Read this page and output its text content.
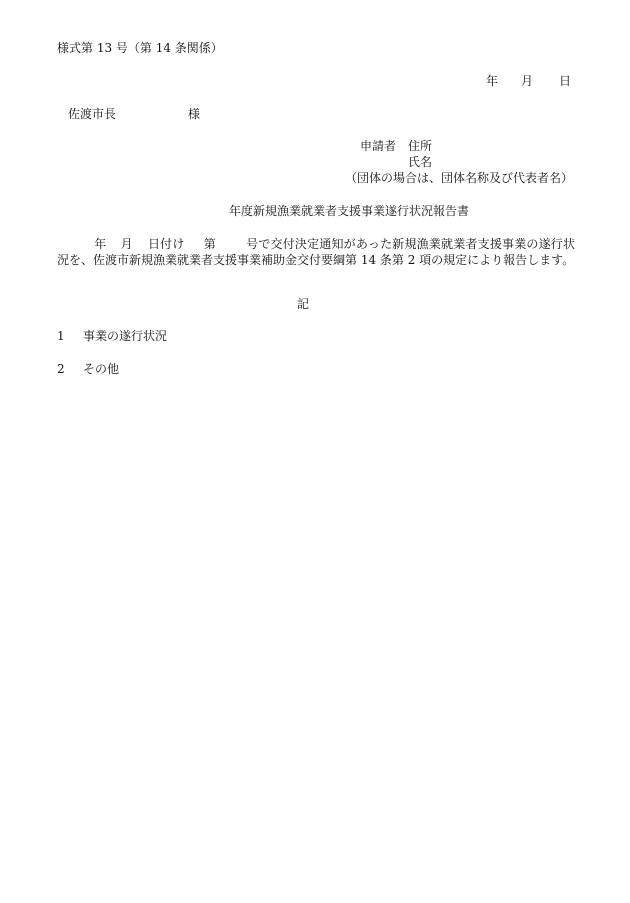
様式第 13 号（第 14 条関係）
年 月 日
佐渡市長	様
申請者 住所
氏名
（団体の場合は、団体名称及び代表者名）
年度新規漁業就業者支援事業遂行状況報告書
年 月 日付け 第	号で交付決定通知があった新規漁業就業者支援事業の遂行状況を、佐渡市新規漁業就業者支援事業補助金交付要綱第 14 条第 2 項の規定により報告します。
記
1 事業の遂行状況
2 その他
